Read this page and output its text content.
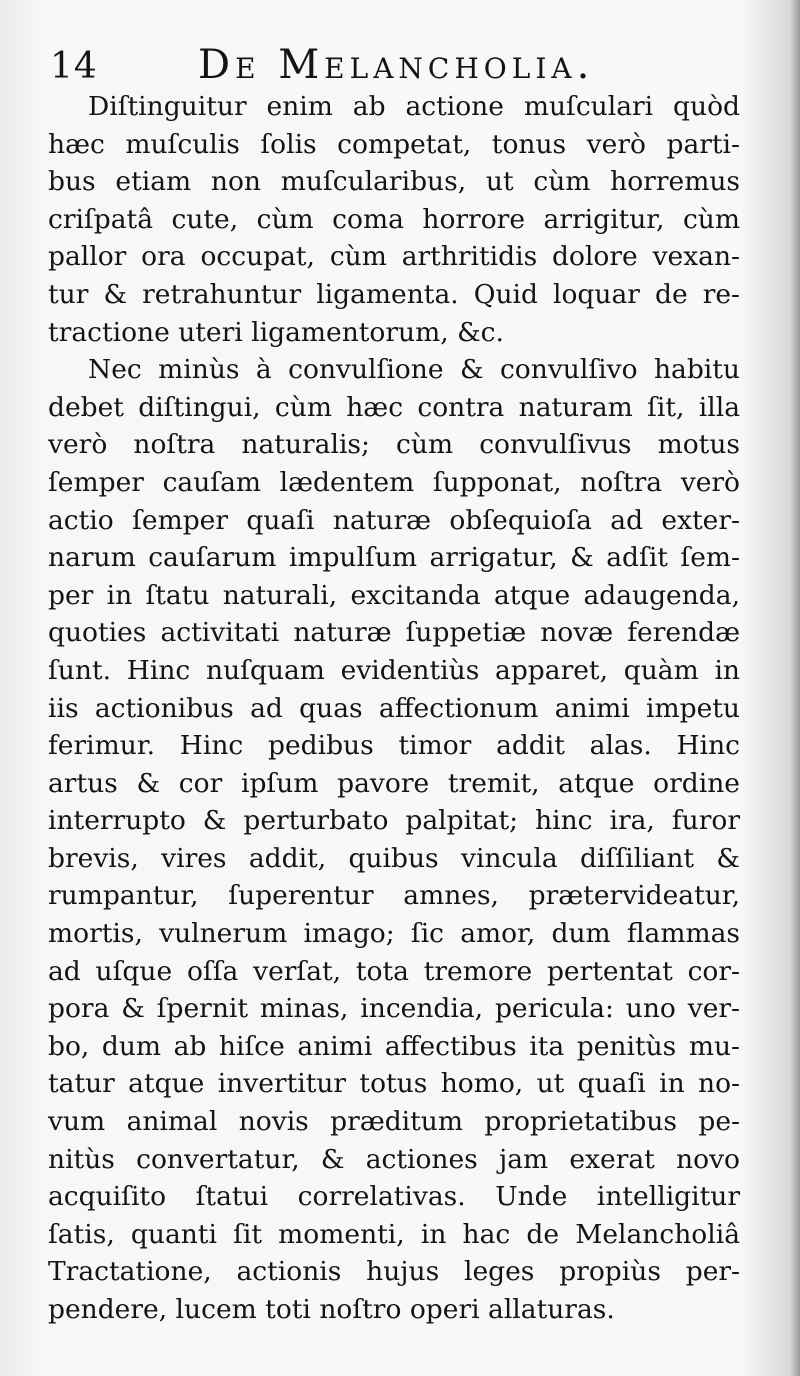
14	De Melancholia.
Diſtinguitur enim ab actione muſculari quòd
hæc muſculis ſolis competat, tonus verò parti-
bus etiam non muſcularibus, ut cùm horremus
criſpatâ cute, cùm coma horrore arrigitur, cùm
pallor ora occupat, cùm arthritidis dolore vexan-
tur & retrahuntur ligamenta. Quid loquar de re-
tractione uteri ligamentorum, &c.
Nec minùs à convulſione & convulſivo habitu
debet diſtingui, cùm hæc contra naturam ſit, illa
verò noſtra naturalis; cùm convulſivus motus
ſemper cauſam lædentem ſupponat, noſtra verò
actio ſemper quaſi naturæ obſequioſa ad exter-
narum cauſarum impulſum arrigatur, & adſit ſem-
per in ſtatu naturali, excitanda atque adaugenda,
quoties activitati naturæ ſuppetiæ novæ ferendæ
ſunt. Hinc nuſquam evidentiùs apparet, quàm in
iis actionibus ad quas affectionum animi impetu
ferimur. Hinc pedibus timor addit alas. Hinc
artus & cor ipſum pavore tremit, atque ordine
interrupto & perturbato palpitat; hinc ira, furor
brevis, vires addit, quibus vincula diſſiliant &
rumpantur, ſuperentur amnes, prætervideatur,
mortis, vulnerum imago; ſic amor, dum flammas
ad uſque oſſa verſat, tota tremore pertentat cor-
pora & ſpernit minas, incendia, pericula: uno ver-
bo, dum ab hiſce animi affectibus ita penitùs mu-
tatur atque invertitur totus homo, ut quaſi in no-
vum animal novis præditum proprietatibus pe-
nitùs convertatur, & actiones jam exerat novo
acquiſito ſtatui correlativas. Unde intelligitur
ſatis, quanti ſit momenti, in hac de Melancholiâ
Tractatione, actionis hujus leges propiùs per-
pendere, lucem toti noſtro operi allaturas.
